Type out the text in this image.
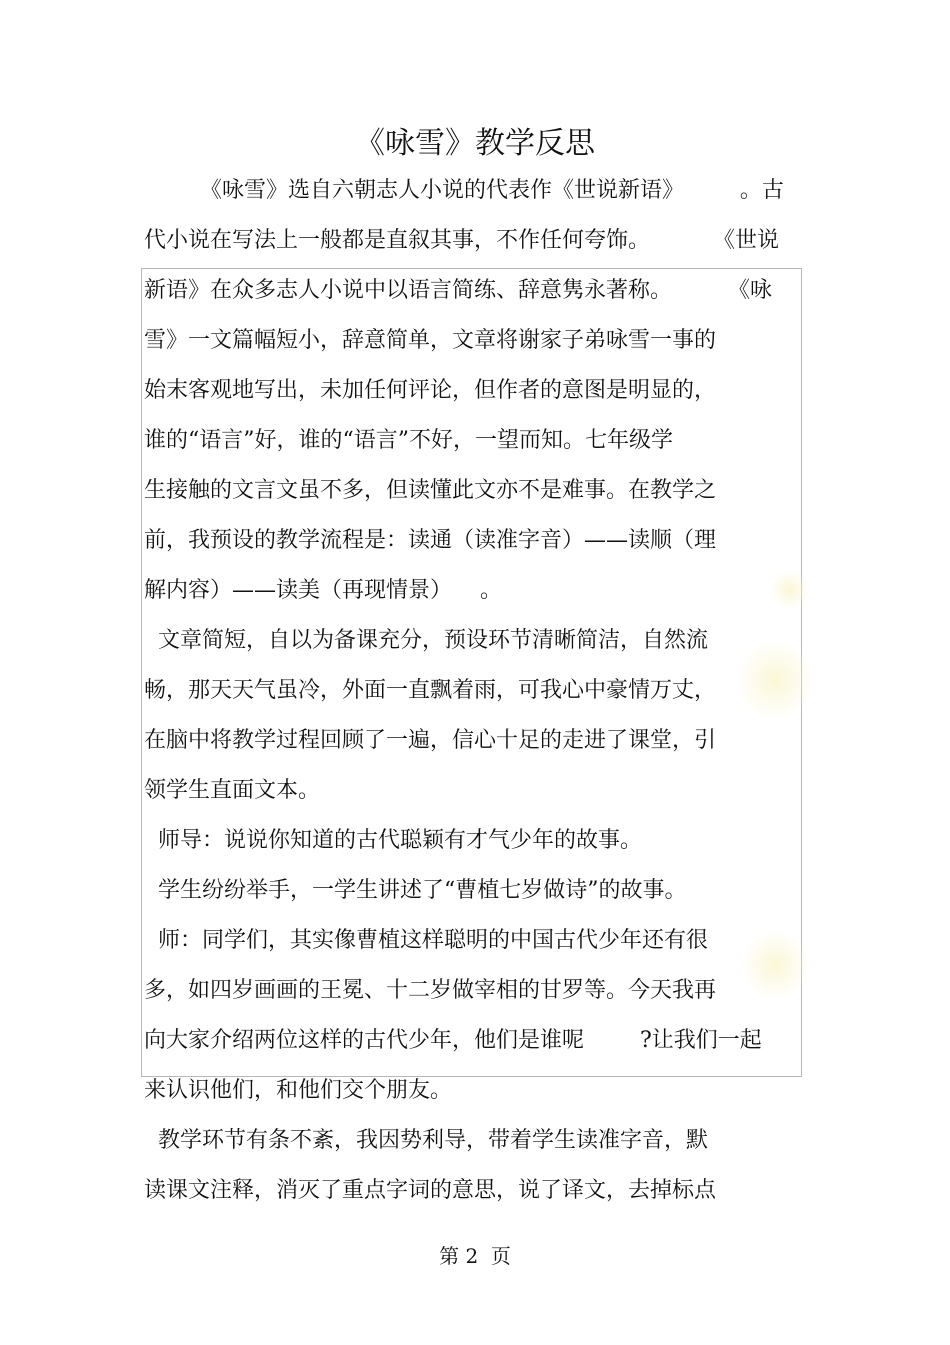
《咏雪》教学反思
《咏雪》选自六朝志人小说的代表作《世说新语》        。古
代小说在写法上一般都是直叙其事，不作任何夸饰。         《世说
新语》在众多志人小说中以语言简练、辞意隽永著称。        《咏
雪》一文篇幅短小，辞意简单，文章将谢家子弟咏雪一事的
始末客观地写出，未加任何评论，但作者的意图是明显的，
谁的“语言”好，谁的“语言”不好，一望而知。七年级学
生接触的文言文虽不多，但读懂此文亦不是难事。在教学之
前，我预设的教学流程是：读通（读准字音）——读顺（理
解内容）——读美（再现情景）    。
文章简短，自以为备课充分，预设环节清晰简洁，自然流
畅，那天天气虽冷，外面一直飘着雨，可我心中豪情万丈，
在脑中将教学过程回顾了一遍，信心十足的走进了课堂，引
领学生直面文本。
师导：说说你知道的古代聪颖有才气少年的故事。
学生纷纷举手，一学生讲述了“曹植七岁做诗”的故事。
师：同学们，其实像曹植这样聪明的中国古代少年还有很
多，如四岁画画的王冕、十二岁做宰相的甘罗等。今天我再
向大家介绍两位这样的古代少年，他们是谁呢        ?让我们一起
来认识他们，和他们交个朋友。
教学环节有条不紊，我因势利导，带着学生读准字音，默
读课文注释，消灭了重点字词的意思，说了译文，去掉标点
第 2  页
